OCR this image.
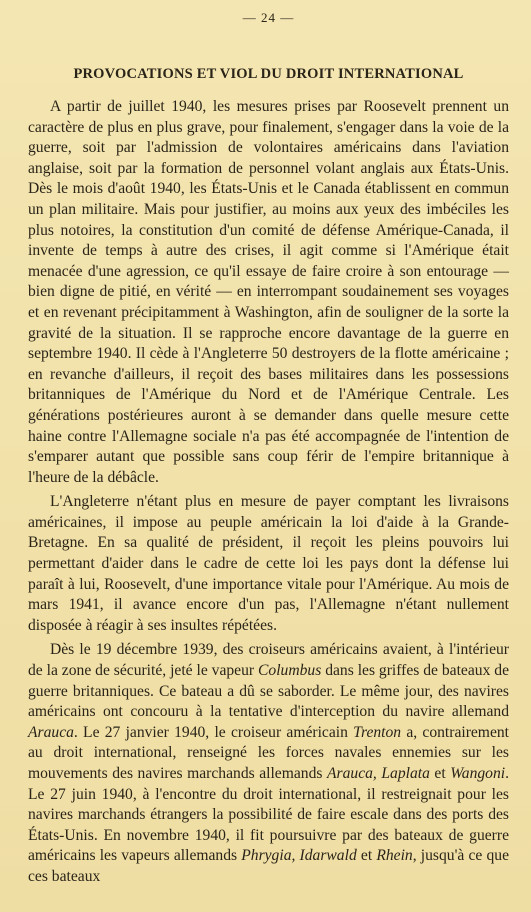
— 24 —
PROVOCATIONS ET VIOL DU DROIT INTERNATIONAL

A partir de juillet 1940, les mesures prises par Roosevelt prennent un caractère de plus en plus grave, pour finalement, s'engager dans la voie de la guerre, soit par l'admission de volontaires américains dans l'aviation anglaise, soit par la formation de personnel volant anglais aux États-Unis. Dès le mois d'août 1940, les États-Unis et le Canada établissent en commun un plan militaire. Mais pour justifier, au moins aux yeux des imbéciles les plus notoires, la constitution d'un comité de défense Amérique-Canada, il invente de temps à autre des crises, il agit comme si l'Amérique était menacée d'une agression, ce qu'il essaye de faire croire à son entourage — bien digne de pitié, en vérité — en interrompant soudainement ses voyages et en revenant précipitamment à Washington, afin de souligner de la sorte la gravité de la situation. Il se rapproche encore davantage de la guerre en septembre 1940. Il cède à l'Angleterre 50 destroyers de la flotte américaine ; en revanche d'ailleurs, il reçoit des bases militaires dans les possessions britanniques de l'Amérique du Nord et de l'Amérique Centrale. Les générations postérieures auront à se demander dans quelle mesure cette haine contre l'Allemagne sociale n'a pas été accompagnée de l'intention de s'emparer autant que possible sans coup férir de l'empire britannique à l'heure de la débâcle.

L'Angleterre n'étant plus en mesure de payer comptant les livraisons américaines, il impose au peuple américain la loi d'aide à la Grande-Bretagne. En sa qualité de président, il reçoit les pleins pouvoirs lui permettant d'aider dans le cadre de cette loi les pays dont la défense lui paraît à lui, Roosevelt, d'une importance vitale pour l'Amérique. Au mois de mars 1941, il avance encore d'un pas, l'Allemagne n'étant nullement disposée à réagir à ses insultes répétées.

Dès le 19 décembre 1939, des croiseurs américains avaient, à l'intérieur de la zone de sécurité, jeté le vapeur Columbus dans les griffes de bateaux de guerre britanniques. Ce bateau a dû se saborder. Le même jour, des navires américains ont concouru à la tentative d'interception du navire allemand Arauca. Le 27 janvier 1940, le croiseur américain Trenton a, contrairement au droit international, renseigné les forces navales ennemies sur les mouvements des navires marchands allemands Arauca, Laplata et Wangoni. Le 27 juin 1940, à l'encontre du droit international, il restreignait pour les navires marchands étrangers la possibilité de faire escale dans des ports des États-Unis. En novembre 1940, il fit poursuivre par des bateaux de guerre américains les vapeurs allemands Phrygia, Idarwald et Rhein, jusqu'à ce que ces bateaux
